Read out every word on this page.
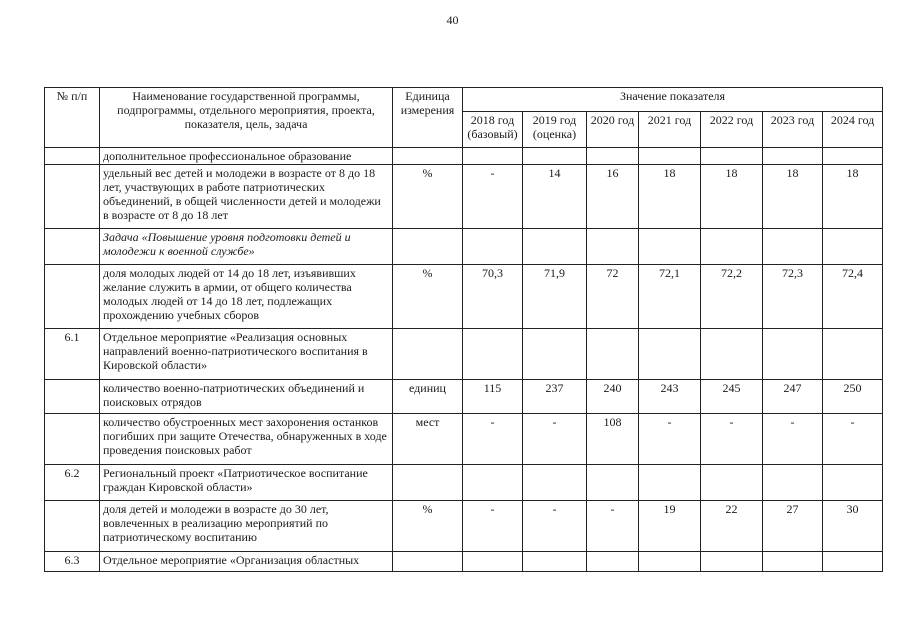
40
№ п/п	Наименование государственной программы, подпрограммы, отдельного мероприятия, проекта, показателя, цель, задача	Единица измерения	Значение показателя						
			2018 год (базовый)	2019 год (оценка)	2020 год	2021 год	2022 год	2023 год	2024 год
	дополнительное профессиональное образование								
	удельный вес детей и молодежи в возрасте от 8 до 18 лет, участвующих в работе патриотических объединений, в общей численности детей и молодежи в возрасте от 8 до 18 лет	%	-	14	16	18	18	18	18
	Задача «Повышение уровня подготовки детей и молодежи к военной службе»								
	доля молодых людей от 14 до 18 лет, изъявивших желание служить в армии, от общего количества молодых людей от 14 до 18 лет, подлежащих прохождению учебных сборов	%	70,3	71,9	72	72,1	72,2	72,3	72,4
6.1	Отдельное мероприятие «Реализация основных направлений военно-патриотического воспитания в Кировской области»								
	количество военно-патриотических объединений и поисковых отрядов	единиц	115	237	240	243	245	247	250
	количество обустроенных мест захоронения останков погибших при защите Отечества, обнаруженных в ходе проведения поисковых работ	мест	-	-	108	-	-	-	-
6.2	Региональный проект «Патриотическое воспитание граждан Кировской области»								
	доля детей и молодежи в возрасте до 30 лет, вовлеченных в реализацию мероприятий по патриотическому воспитанию	%	-	-	-	19	22	27	30
6.3	Отдельное мероприятие «Организация областных								
